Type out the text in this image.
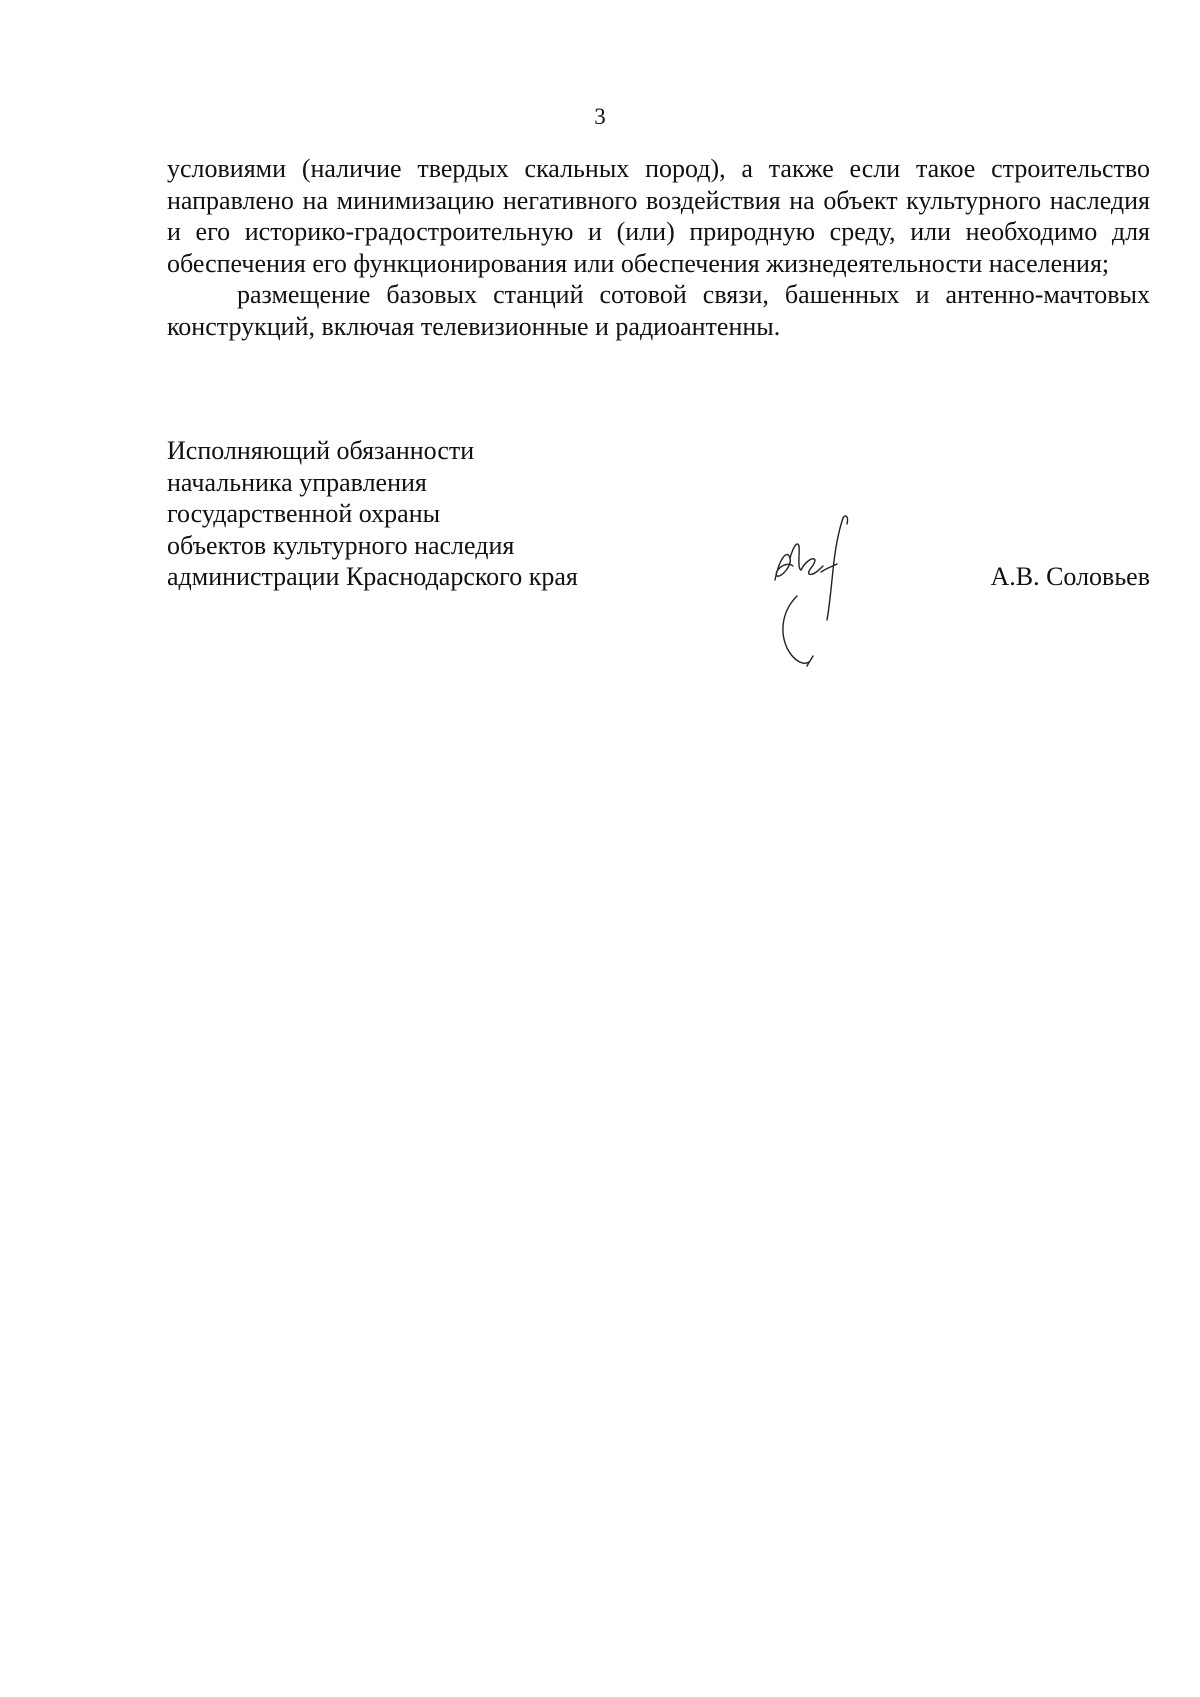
3

условиями (наличие твердых скальных пород), а также если такое строительство направлено на минимизацию негативного воздействия на объект культурного наследия и его историко-градостроительную и (или) природную среду, или необходимо для обеспечения его функционирования или обеспечения жизнедеятельности населения;

размещение базовых станций сотовой связи, башенных и антенно-мачтовых конструкций, включая телевизионные и радиоантенны.

Исполняющий обязанности
начальника управления
государственной охраны
объектов культурного наследия
администрации Краснодарского края	А.В. Соловьев
